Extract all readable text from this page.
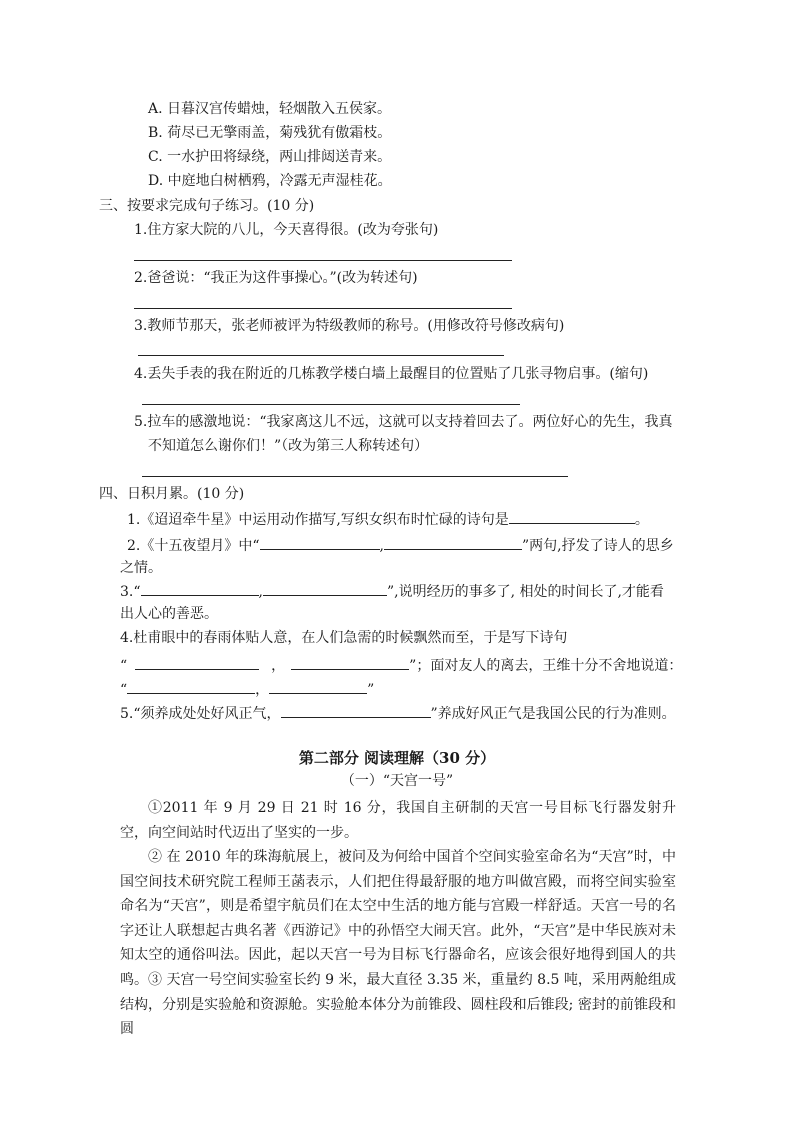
A. 日暮汉宫传蜡烛，轻烟散入五侯家。
B. 荷尽已无擎雨盖，菊残犹有傲霜枝。
C. 一水护田将绿绕，两山排闼送青来。
D. 中庭地白树栖鸦，冷露无声湿桂花。
三、按要求完成句子练习。(10 分)
1.住方家大院的八儿，今天喜得很。(改为夸张句)
2.爸爸说：“我正为这件事操心。”(改为转述句)
3.教师节那天，张老师被评为特级教师的称号。(用修改符号修改病句)
4.丢失手表的我在附近的几栋教学楼白墙上最醒目的位置贴了几张寻物启事。(缩句)
5.拉车的感激地说：“我家离这儿不远，这就可以支持着回去了。两位好心的先生，我真
不知道怎么谢你们！”（改为第三人称转述句）
四、日积月累。(10 分)
1.《迢迢牵牛星》中运用动作描写,写织女织布时忙碌的诗句是	。
2.《十五夜望月》中“	,	”两句,抒发了诗人的思乡
之情。
3.“	,	”,说明经历的事多了, 相处的时间长了,才能看
出人心的善恶。
4.杜甫眼中的春雨体贴人意，在人们急需的时候飘然而至，于是写下诗句
“	，	”；面对友人的离去，王维十分不舍地说道：
“	，	”
5.“须养成处处好风正气，	”养成好风正气是我国公民的行为准则。
第二部分 阅读理解（30 分）
（一）“天宫一号”
①2011 年 9 月 29 日 21 时 16 分，我国自主研制的天宫一号目标飞行器发射升空，向空间站时代迈出了坚实的一步。
② 在 2010 年的珠海航展上，被问及为何给中国首个空间实验室命名为“天宫”时，中国空间技术研究院工程师王菡表示，人们把住得最舒服的地方叫做宫殿，而将空间实验室命名为“天宫”，则是希望宇航员们在太空中生活的地方能与宫殿一样舒适。天宫一号的名字还让人联想起古典名著《西游记》中的孙悟空大闹天宫。此外，“天宫”是中华民族对未知太空的通俗叫法。因此，起以天宫一号为目标飞行器命名，应该会很好地得到国人的共鸣。 ③ 天宫一号空间实验室长约 9 米，最大直径 3.35 米，重量约 8.5 吨，采用两舱组成结构，分别是实验舱和资源舱。实验舱本体分为前锥段、圆柱段和后锥段; 密封的前锥段和圆
